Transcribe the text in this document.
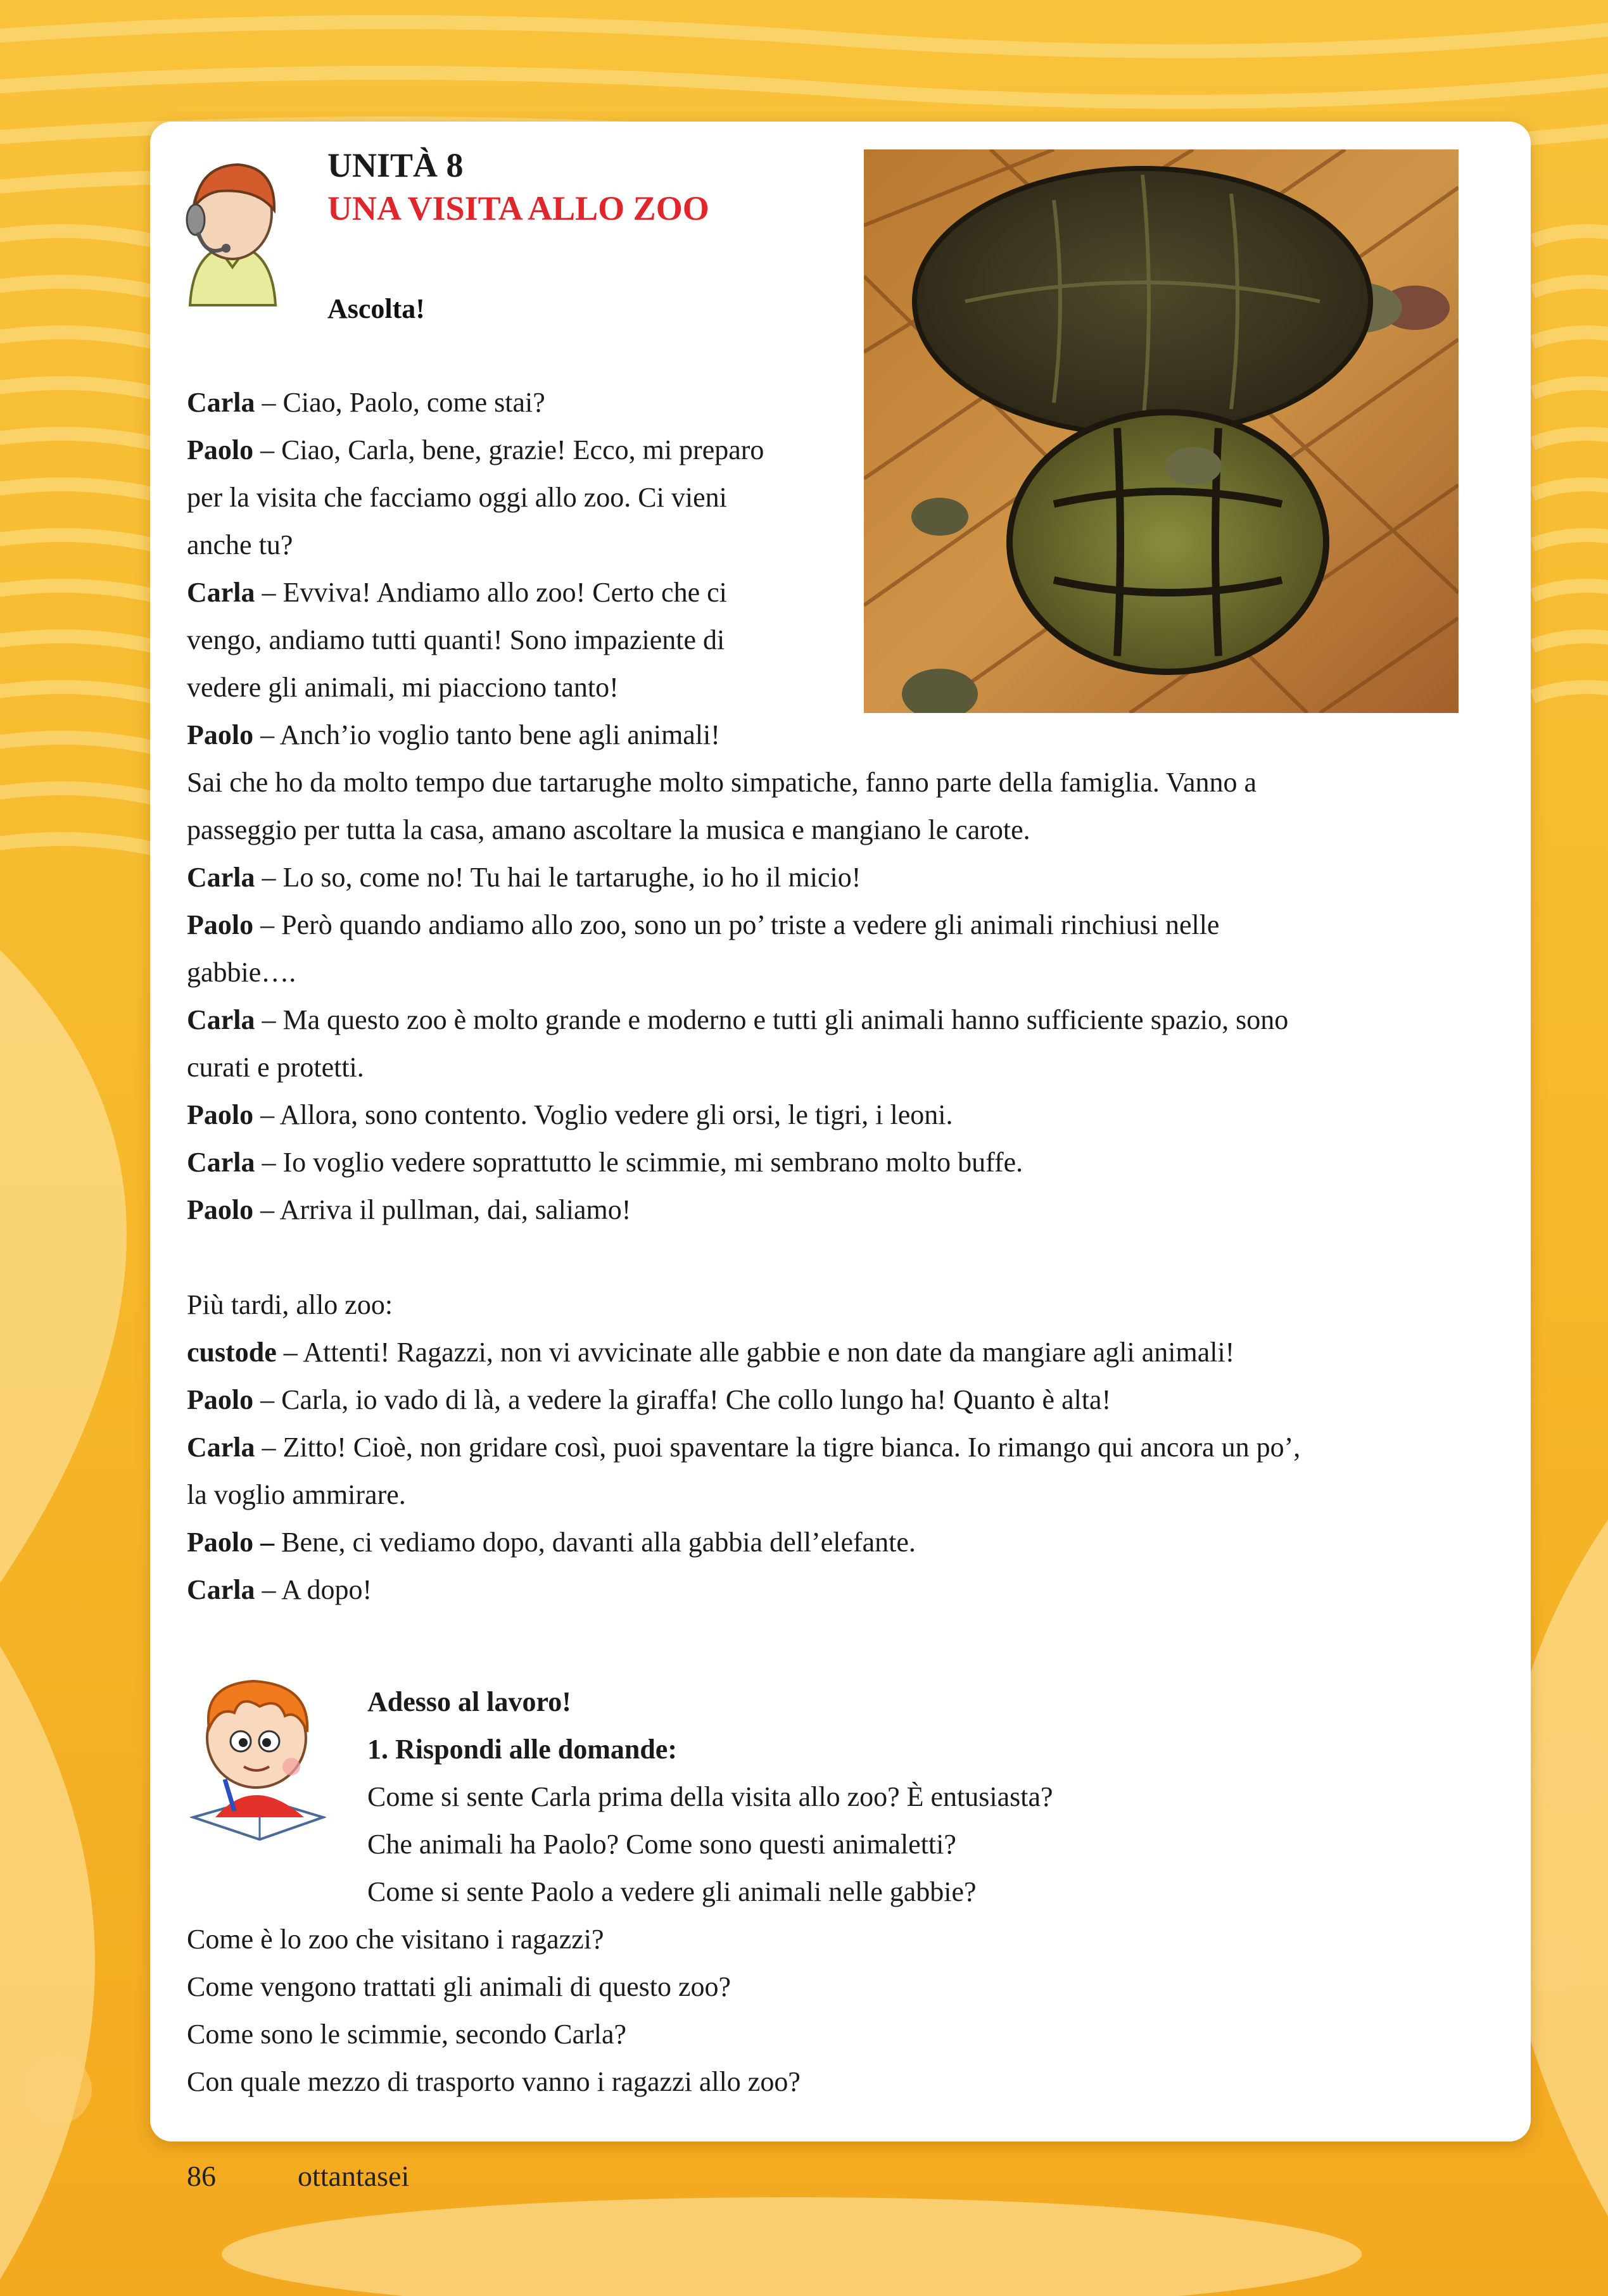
UNITÀ 8
UNA VISITA ALLO ZOO
Ascolta!
Carla – Ciao, Paolo, come stai?
Paolo – Ciao, Carla, bene, grazie! Ecco, mi preparo
per la visita che facciamo oggi allo zoo. Ci vieni
anche tu?
Carla – Evviva! Andiamo allo zoo! Certo che ci
vengo, andiamo tutti quanti! Sono impaziente di
vedere gli animali, mi piacciono tanto!
Paolo – Anch’io voglio tanto bene agli animali!
Sai che ho da molto tempo due tartarughe molto simpatiche, fanno parte della famiglia. Vanno a
passeggio per tutta la casa, amano ascoltare la musica e mangiano le carote.
Carla – Lo so, come no! Tu hai le tartarughe, io ho il micio!
Paolo – Però quando andiamo allo zoo, sono un po’ triste a vedere gli animali rinchiusi nelle
gabbie….
Carla – Ma questo zoo è molto grande e moderno e tutti gli animali hanno sufficiente spazio, sono
curati e protetti.
Paolo – Allora, sono contento. Voglio vedere gli orsi, le tigri, i leoni.
Carla – Io voglio vedere soprattutto le scimmie, mi sembrano molto buffe.
Paolo – Arriva il pullman, dai, saliamo!
Più tardi, allo zoo:
custode – Attenti! Ragazzi, non vi avvicinate alle gabbie e non date da mangiare agli animali!
Paolo – Carla, io vado di là, a vedere la giraffa! Che collo lungo ha! Quanto è alta!
Carla – Zitto! Cioè, non gridare così, puoi spaventare la tigre bianca. Io rimango qui ancora un po’,
la voglio ammirare.
Paolo – Bene, ci vediamo dopo, davanti alla gabbia dell’elefante.
Carla – A dopo!
Adesso al lavoro!
1. Rispondi alle domande:
Come si sente Carla prima della visita allo zoo? È entusiasta?
Che animali ha Paolo? Come sono questi animaletti?
Come si sente Paolo a vedere gli animali nelle gabbie?
Come è lo zoo che visitano i ragazzi?
Come vengono trattati gli animali di questo zoo?
Come sono le scimmie, secondo Carla?
Con quale mezzo di trasporto vanno i ragazzi allo zoo?
86	ottantasei
